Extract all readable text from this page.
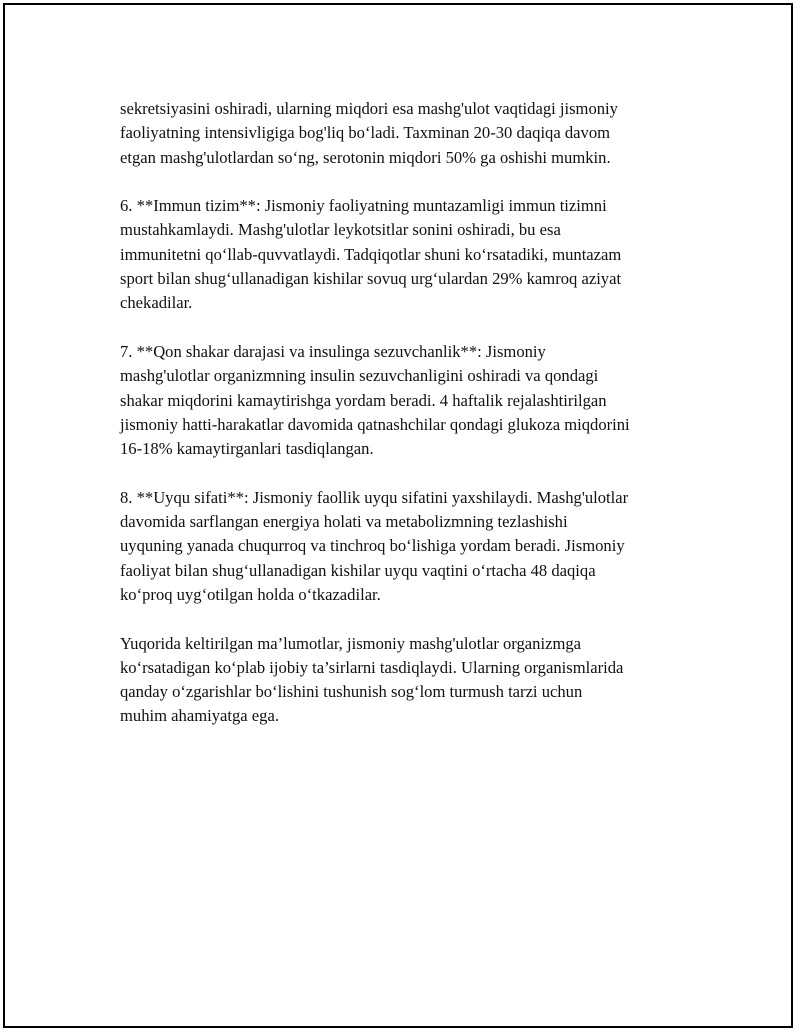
sekretsiyasini oshiradi, ularning miqdori esa mashg'ulot vaqtidagi jismoniy
faoliyatning intensivligiga bog'liq bo‘ladi. Taxminan 20-30 daqiqa davom
etgan mashg'ulotlardan so‘ng, serotonin miqdori 50% ga oshishi mumkin.

6. **Immun tizim**: Jismoniy faoliyatning muntazamligi immun tizimni
mustahkamlaydi. Mashg'ulotlar leykotsitlar sonini oshiradi, bu esa
immunitetni qo‘llab-quvvatlaydi. Tadqiqotlar shuni ko‘rsatadiki, muntazam
sport bilan shug‘ullanadigan kishilar sovuq urg‘ulardan 29% kamroq aziyat
chekadilar.

7. **Qon shakar darajasi va insulinga sezuvchanlik**: Jismoniy
mashg'ulotlar organizmning insulin sezuvchanligini oshiradi va qondagi
shakar miqdorini kamaytirishga yordam beradi. 4 haftalik rejalashtirilgan
jismoniy hatti-harakatlar davomida qatnashchilar qondagi glukoza miqdorini
16-18% kamaytirganlari tasdiqlangan.

8. **Uyqu sifati**: Jismoniy faollik uyqu sifatini yaxshilaydi. Mashg'ulotlar
davomida sarflangan energiya holati va metabolizmning tezlashishi
uyquning yanada chuqurroq va tinchroq bo‘lishiga yordam beradi. Jismoniy
faoliyat bilan shug‘ullanadigan kishilar uyqu vaqtini o‘rtacha 48 daqiqa
ko‘proq uyg‘otilgan holda o‘tkazadilar.

Yuqorida keltirilgan ma’lumotlar, jismoniy mashg'ulotlar organizmga
ko‘rsatadigan ko‘plab ijobiy ta’sirlarni tasdiqlaydi. Ularning organismlarida
qanday o‘zgarishlar bo‘lishini tushunish sog‘lom turmush tarzi uchun
muhim ahamiyatga ega.
